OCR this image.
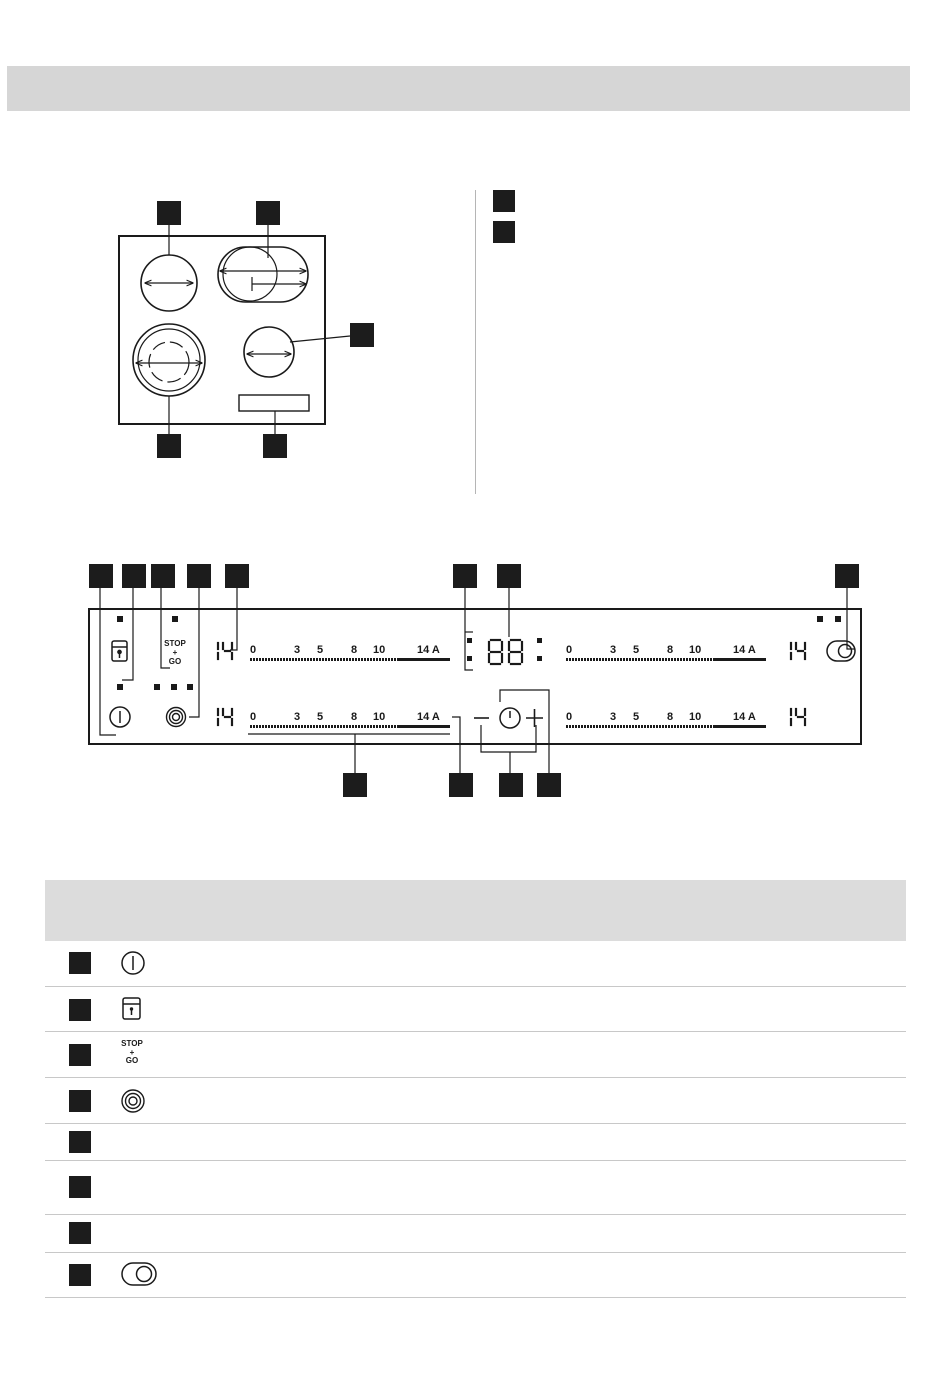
0	3 5	8 10	14 A
0	3 5	8 10	14 A
0	3 5	8 10	14 A
0	3 5	8 10	14 A
STOP
+
GO
STOP
+
GO
